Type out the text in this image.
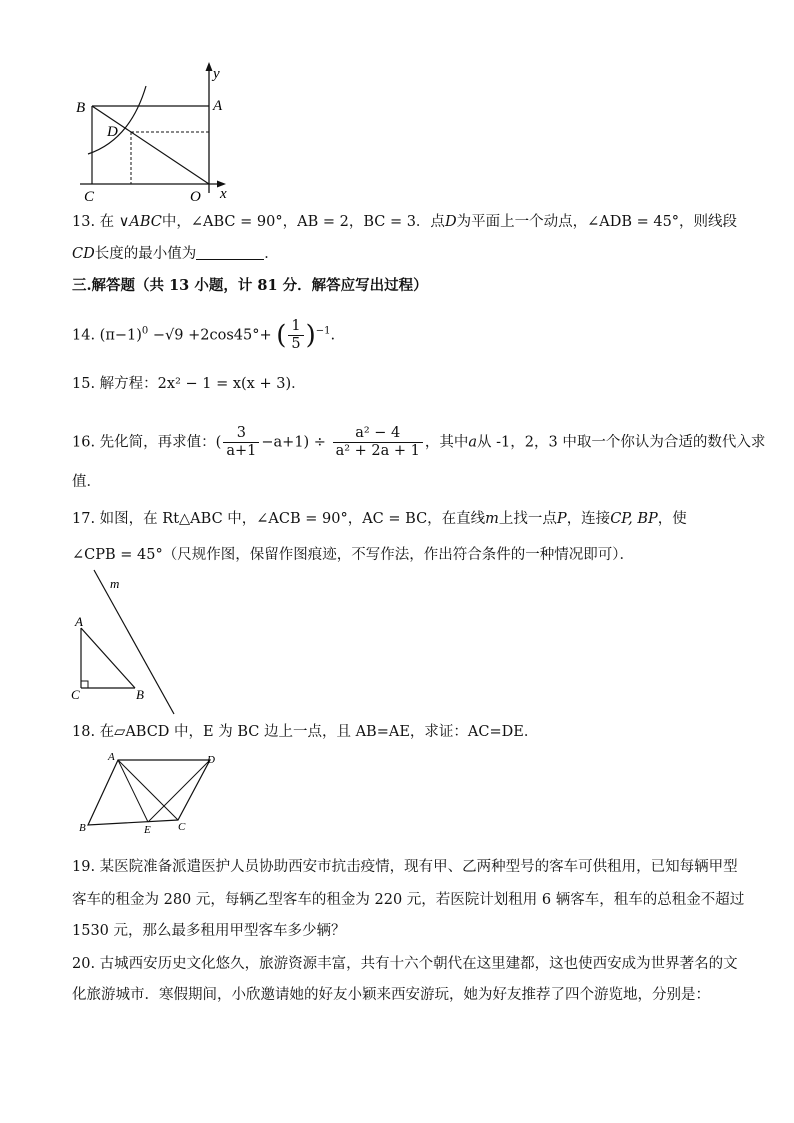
B	A
D
C	O x
y
13. 在 ∨ABC中，∠ABC = 90°，AB = 2，BC = 3．点D为平面上一个动点，∠ADB = 45°，则线段
CD长度的最小值为	．
三.解答题（共 13 小题，计 81 分．解答应写出过程）
14. $(\pi-1)^0 -√9 +2\cos 45^\circ+$ ( $\frac{1}{5} )^{-1}$.
15. 解方程：2x² − 1 = x(x + 3)．
16. 先化简，再求值：( $\frac{3}{a+1} -a+1) \div \frac{\text{a² − 4}}{\text{a² + 2a + 1}}$ ，其中a从 -1，2，3 中取一个你认为合适的数代入求
值．
17. 如图，在 Rt△ABC 中，∠ACB = 90°，AC = BC，在直线m上找一点P，连接CP, BP，使
∠CPB = 45°（尺规作图，保留作图痕迹，不写作法，作出符合条件的一种情况即可）．
m
A
C	B
18. 在▱ABCD 中，E 为 BC 边上一点，且 AB=AE，求证：AC=DE．
A	D
B	E C
19. 某医院准备派遣医护人员协助西安市抗击疫情，现有甲、乙两种型号的客车可供租用，已知每辆甲型
客车的租金为 280 元，每辆乙型客车的租金为 220 元，若医院计划租用 6 辆客车，租车的总租金不超过
1530 元，那么最多租用甲型客车多少辆？
20. 古城西安历史文化悠久，旅游资源丰富，共有十六个朝代在这里建都，这也使西安成为世界著名的文
化旅游城市．寒假期间，小欣邀请她的好友小颖来西安游玩，她为好友推荐了四个游览地，分别是：
